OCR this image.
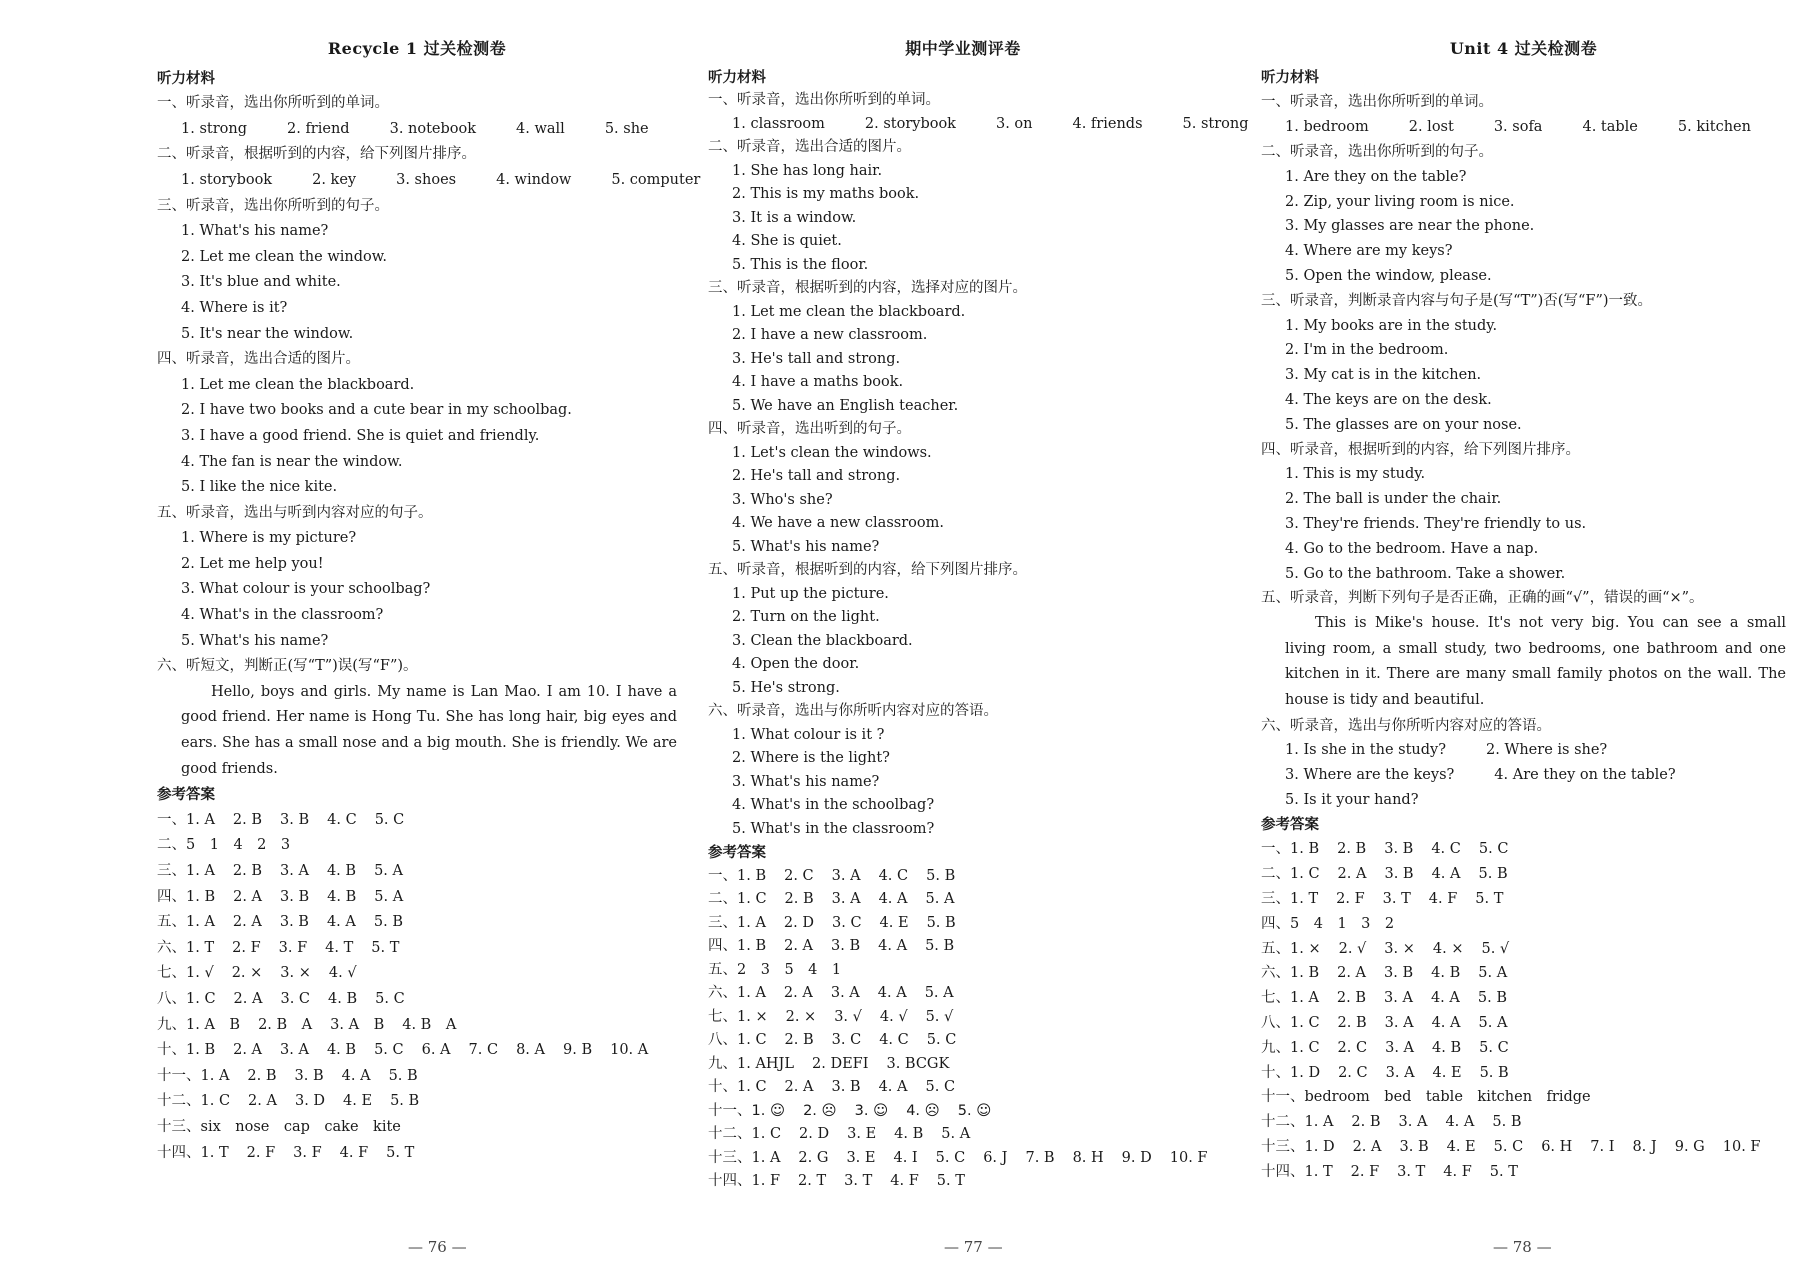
Recycle 1 过关检测卷
听力材料
一、听录音，选出你所听到的单词。
1. strong	2. friend	3. notebook	4. wall	5. she
二、听录音，根据听到的内容，给下列图片排序。
1. storybook	2. key	3. shoes	4. window	5. computer
三、听录音，选出你所听到的句子。
1. What's his name?
2. Let me clean the window.
3. It's blue and white.
4. Where is it?
5. It's near the window.
四、听录音，选出合适的图片。
1. Let me clean the blackboard.
2. I have two books and a cute bear in my schoolbag.
3. I have a good friend. She is quiet and friendly.
4. The fan is near the window.
5. I like the nice kite.
五、听录音，选出与听到内容对应的句子。
1. Where is my picture?
2. Let me help you!
3. What colour is your schoolbag?
4. What's in the classroom?
5. What's his name?
六、听短文，判断正(写“T”)误(写“F”)。
Hello, boys and girls. My name is Lan Mao. I am 10. I have a good friend. Her name is Hong Tu. She has long hair, big eyes and ears. She has a small nose and a big mouth. She is friendly. We are good friends.
参考答案
一、1. A 2. B 3. B 4. C 5. C
二、5　1　4　2　3
三、1. A 2. B 3. A 4. B 5. A
四、1. B 2. A 3. B 4. B 5. A
五、1. A 2. A 3. B 4. A 5. B
六、1. T 2. F 3. F 4. T 5. T
七、1. √ 2. × 3. × 4. √
八、1. C 2. A 3. C 4. B 5. C
九、1. A　B 2. B　A 3. A　B 4. B　A
十、1. B 2. A 3. A 4. B 5. C 6. A 7. C 8. A 9. B 10. A
十一、1. A 2. B 3. B 4. A 5. B
十二、1. C 2. A 3. D 4. E 5. B
十三、six　nose　cap　cake　kite
十四、1. T 2. F 3. F 4. F 5. T
期中学业测评卷
听力材料
一、听录音，选出你所听到的单词。
1. classroom	2. storybook	3. on	4. friends	5. strong
二、听录音，选出合适的图片。
1. She has long hair.
2. This is my maths book.
3. It is a window.
4. She is quiet.
5. This is the floor.
三、听录音，根据听到的内容，选择对应的图片。
1. Let me clean the blackboard.
2. I have a new classroom.
3. He's tall and strong.
4. I have a maths book.
5. We have an English teacher.
四、听录音，选出听到的句子。
1. Let's clean the windows.
2. He's tall and strong.
3. Who's she?
4. We have a new classroom.
5. What's his name?
五、听录音，根据听到的内容，给下列图片排序。
1. Put up the picture.
2. Turn on the light.
3. Clean the blackboard.
4. Open the door.
5. He's strong.
六、听录音，选出与你所听内容对应的答语。
1. What colour is it ?
2. Where is the light?
3. What's his name?
4. What's in the schoolbag?
5. What's in the classroom?
参考答案
一、1. B 2. C 3. A 4. C 5. B
二、1. C 2. B 3. A 4. A 5. A
三、1. A 2. D 3. C 4. E 5. B
四、1. B 2. A 3. B 4. A 5. B
五、2　3　5　4　1
六、1. A 2. A 3. A 4. A 5. A
七、1. × 2. × 3. √ 4. √ 5. √
八、1. C 2. B 3. C 4. C 5. C
九、1. AHJL 2. DEFI 3. BCGK
十、1. C 2. A 3. B 4. A 5. C
十一、1. ☺ 2. ☹ 3. ☺ 4. ☹ 5. ☺
十二、1. C 2. D 3. E 4. B 5. A
十三、1. A 2. G 3. E 4. I 5. C 6. J 7. B 8. H 9. D 10. F
十四、1. F 2. T 3. T 4. F 5. T
Unit 4 过关检测卷
听力材料
一、听录音，选出你所听到的单词。
1. bedroom	2. lost	3. sofa	4. table	5. kitchen
二、听录音，选出你所听到的句子。
1. Are they on the table?
2. Zip, your living room is nice.
3. My glasses are near the phone.
4. Where are my keys?
5. Open the window, please.
三、听录音，判断录音内容与句子是(写“T”)否(写“F”)一致。
1. My books are in the study.
2. I'm in the bedroom.
3. My cat is in the kitchen.
4. The keys are on the desk.
5. The glasses are on your nose.
四、听录音，根据听到的内容，给下列图片排序。
1. This is my study.
2. The ball is under the chair.
3. They're friends. They're friendly to us.
4. Go to the bedroom. Have a nap.
5. Go to the bathroom. Take a shower.
五、听录音，判断下列句子是否正确，正确的画“√”，错误的画“×”。
This is Mike's house. It's not very big. You can see a small living room, a small study, two bedrooms, one bathroom and one kitchen in it. There are many small family photos on the wall. The house is tidy and beautiful.
六、听录音，选出与你所听内容对应的答语。
1. Is she in the study?	2. Where is she?
3. Where are the keys?	4. Are they on the table?
5. Is it your hand?
参考答案
一、1. B 2. B 3. B 4. C 5. C
二、1. C 2. A 3. B 4. A 5. B
三、1. T 2. F 3. T 4. F 5. T
四、5　4　1　3　2
五、1. × 2. √ 3. × 4. × 5. √
六、1. B 2. A 3. B 4. B 5. A
七、1. A 2. B 3. A 4. A 5. B
八、1. C 2. B 3. A 4. A 5. A
九、1. C 2. C 3. A 4. B 5. C
十、1. D 2. C 3. A 4. E 5. B
十一、bedroom　bed　table　kitchen　fridge
十二、1. A 2. B 3. A 4. A 5. B
十三、1. D 2. A 3. B 4. E 5. C 6. H 7. I 8. J 9. G 10. F
十四、1. T 2. F 3. T 4. F 5. T
— 76 —	— 77 —	— 78 —
